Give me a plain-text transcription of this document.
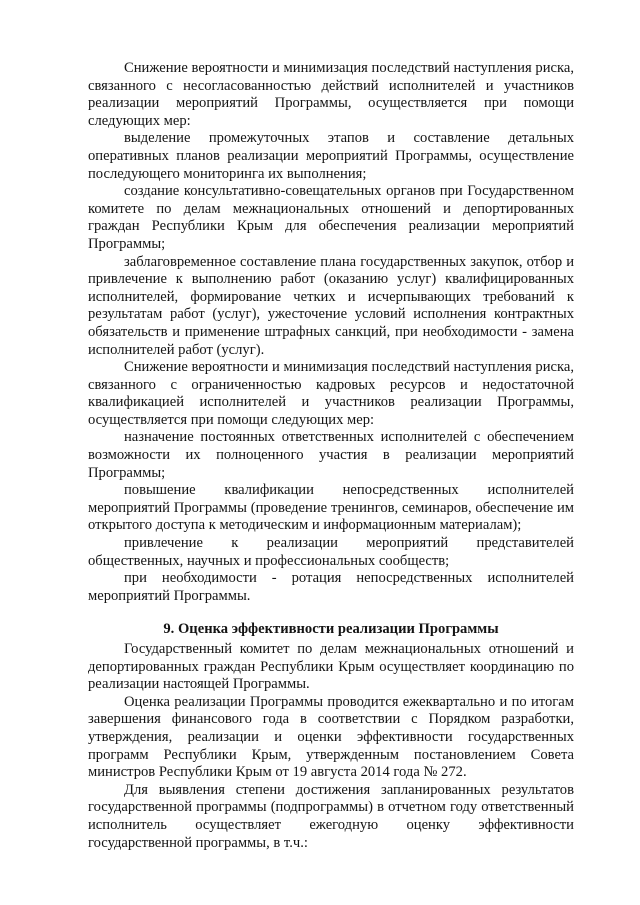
Снижение вероятности и минимизация последствий наступления риска, связанного с несогласованностью действий исполнителей и участников реализации мероприятий Программы, осуществляется при помощи следующих мер:

выделение промежуточных этапов и составление детальных оперативных планов реализации мероприятий Программы, осуществление последующего мониторинга их выполнения;

создание консультативно-совещательных органов при Государственном комитете по делам межнациональных отношений и депортированных граждан Республики Крым для обеспечения реализации мероприятий Программы;

заблаговременное составление плана государственных закупок, отбор и привлечение к выполнению работ (оказанию услуг) квалифицированных исполнителей, формирование четких и исчерпывающих требований к результатам работ (услуг), ужесточение условий исполнения контрактных обязательств и применение штрафных санкций, при необходимости - замена исполнителей работ (услуг).

Снижение вероятности и минимизация последствий наступления риска, связанного с ограниченностью кадровых ресурсов и недостаточной квалификацией исполнителей и участников реализации Программы, осуществляется при помощи следующих мер:

назначение постоянных ответственных исполнителей с обеспечением возможности их полноценного участия в реализации мероприятий Программы;

повышение квалификации непосредственных исполнителей мероприятий Программы (проведение тренингов, семинаров, обеспечение им открытого доступа к методическим и информационным материалам);

привлечение к реализации мероприятий представителей общественных, научных и профессиональных сообществ;

при необходимости - ротация непосредственных исполнителей мероприятий Программы.

9. Оценка эффективности реализации Программы

Государственный комитет по делам межнациональных отношений и депортированных граждан Республики Крым осуществляет координацию по реализации настоящей Программы.

Оценка реализации Программы проводится ежеквартально и по итогам завершения финансового года в соответствии с Порядком разработки, утверждения, реализации и оценки эффективности государственных программ Республики Крым, утвержденным постановлением Совета министров Республики Крым от 19 августа 2014 года № 272.

Для выявления степени достижения запланированных результатов государственной программы (подпрограммы) в отчетном году ответственный исполнитель осуществляет ежегодную оценку эффективности государственной программы, в т.ч.:
